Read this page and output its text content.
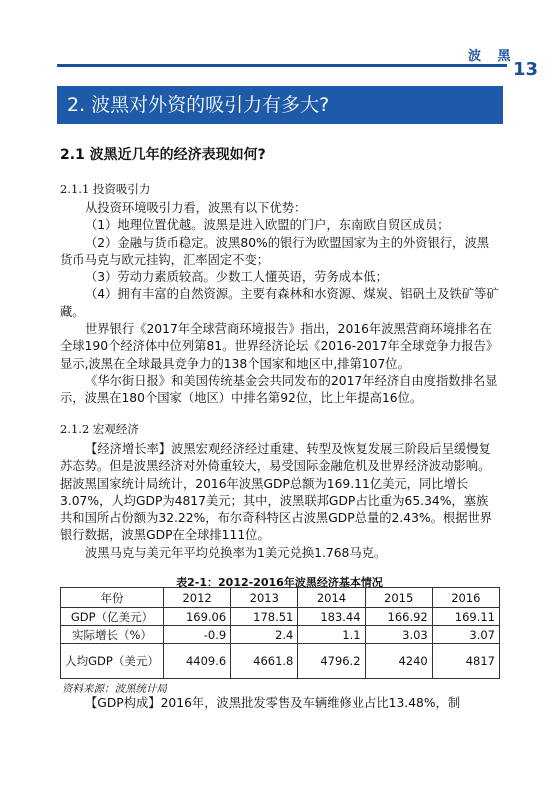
波 黑
13
2. 波黑对外资的吸引力有多大?
2.1 波黑近几年的经济表现如何?
2.1.1 投资吸引力

从投资环境吸引力看，波黑有以下优势：

（1）地理位置优越。波黑是进入欧盟的门户，东南欧自贸区成员；

（2）金融与货币稳定。波黑80%的银行为欧盟国家为主的外资银行，波黑货币马克与欧元挂钩，汇率固定不变；

（3）劳动力素质较高。少数工人懂英语，劳务成本低；

（4）拥有丰富的自然资源。主要有森林和水资源、煤炭、铝矾土及铁矿等矿藏。

世界银行《2017年全球营商环境报告》指出，2016年波黑营商环境排名在全球190个经济体中位列第81。世界经济论坛《2016-2017年全球竞争力报告》显示,波黑在全球最具竞争力的138个国家和地区中,排第107位。

《华尔街日报》和美国传统基金会共同发布的2017年经济自由度指数排名显示，波黑在180个国家（地区）中排名第92位，比上年提高16位。

2.1.2 宏观经济

【经济增长率】波黑宏观经济经过重建、转型及恢复发展三阶段后呈缓慢复苏态势。但是波黑经济对外倚重较大，易受国际金融危机及世界经济波动影响。据波黑国家统计局统计，2016年波黑GDP总额为169.11亿美元，同比增长3.07%，人均GDP为4817美元；其中，波黑联邦GDP占比重为65.34%，塞族共和国所占份额为32.22%，布尔奇科特区占波黑GDP总量的2.43%。根据世界银行数据，波黑GDP在全球排111位。

波黑马克与美元年平均兑换率为1美元兑换1.768马克。

表2-1：2012-2016年波黑经济基本情况
年份	2012	2013	2014	2015	2016
GDP（亿美元）	169.06	178.51	183.44	166.92	169.11
实际增长（%）	-0.9	2.4	1.1	3.03	3.07
人均GDP（美元）	4409.6	4661.8	4796.2	4240	4817
资料来源：波黑统计局
【GDP构成】2016年，波黑批发零售及车辆维修业占比13.48%，制
